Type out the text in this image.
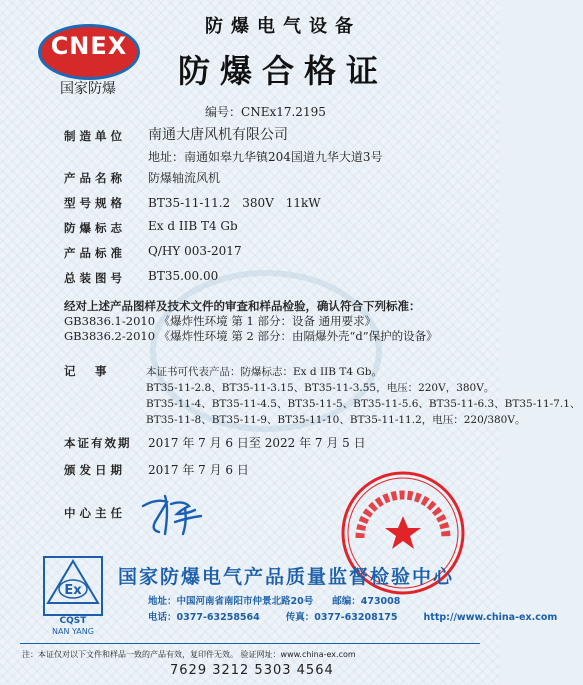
CNEX
国家防爆
防爆电气设备
防爆合格证
编号：CNEx17.2195
制造单位 南通大唐风机有限公司
地址：南通如皋九华镇204国道九华大道3号
产品名称 防爆轴流风机
型号规格 BT35-11-11.2　380V　11kW
防爆标志 Ex d IIB T4 Gb
产品标准 Q/HY 003-2017
总装图号 BT35.00.00
经对上述产品图样及技术文件的审查和样品检验，确认符合下列标准：
GB3836.1-2010 《爆炸性环境 第 1 部分：设备 通用要求》
GB3836.2-2010 《爆炸性环境 第 2 部分：由隔爆外壳“d”保护的设备》
记　事	本证书可代表产品：防爆标志：Ex d IIB T4 Gb。
BT35-11-2.8、BT35-11-3.15、BT35-11-3.55，电压：220V，380V。
BT35-11-4、BT35-11-4.5、BT35-11-5、BT35-11-5.6、BT35-11-6.3、BT35-11-7.1、
BT35-11-8、BT35-11-9、BT35-11-10、BT35-11-11.2，电压：220/380V。
本证有效期 2017 年 7 月 6 日至 2022 年 7 月 5 日
颁发日期 2017 年 7 月 6 日
中心主任
Ex
CQST
NAN YANG
国家防爆电气产品质量监督检验中心
地址：中国河南省南阳市仲景北路20号　　邮编：473008
电话：0377-63258564	传真：0377-63208175	http://www.china-ex.com
注：本证仅对以下文件和样品一致的产品有效，复印件无效。 验证网址：www.china-ex.com
7629 3212 5303 4564
